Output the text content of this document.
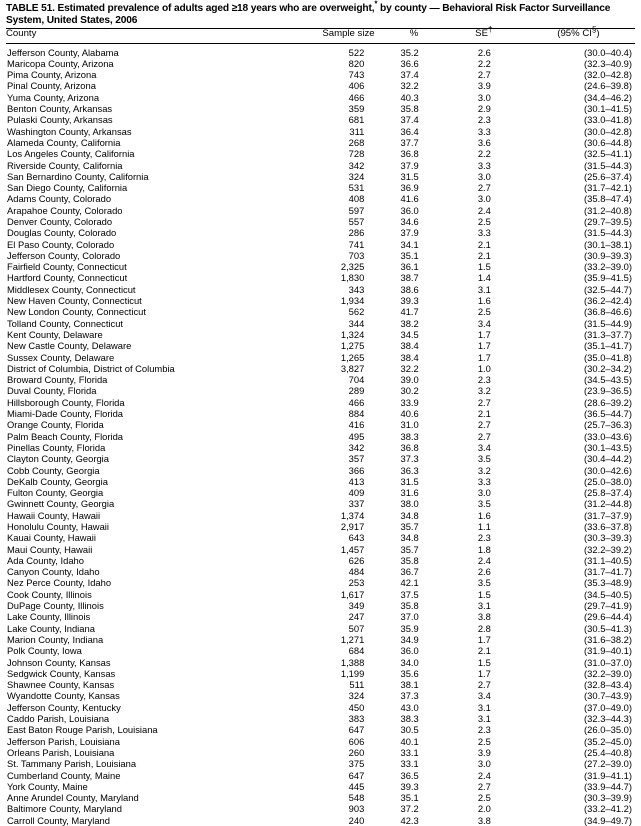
TABLE 51. Estimated prevalence of adults aged ≥18 years who are overweight,* by county — Behavioral Risk Factor Surveillance
System, United States, 2006
County	Sample size	%	SE†	(95% CI§)
Jefferson County, Alabama	522	35.2	2.6	(30.0–40.4)
Maricopa County, Arizona	820	36.6	2.2	(32.3–40.9)
Pima County, Arizona	743	37.4	2.7	(32.0–42.8)
Pinal County, Arizona	406	32.2	3.9	(24.6–39.8)
Yuma County, Arizona	466	40.3	3.0	(34.4–46.2)
Benton County, Arkansas	359	35.8	2.9	(30.1–41.5)
Pulaski County, Arkansas	681	37.4	2.3	(33.0–41.8)
Washington County, Arkansas	311	36.4	3.3	(30.0–42.8)
Alameda County, California	268	37.7	3.6	(30.6–44.8)
Los Angeles County, California	728	36.8	2.2	(32.5–41.1)
Riverside County, California	342	37.9	3.3	(31.5–44.3)
San Bernardino County, California	324	31.5	3.0	(25.6–37.4)
San Diego County, California	531	36.9	2.7	(31.7–42.1)
Adams County, Colorado	408	41.6	3.0	(35.8–47.4)
Arapahoe County, Colorado	597	36.0	2.4	(31.2–40.8)
Denver County, Colorado	557	34.6	2.5	(29.7–39.5)
Douglas County, Colorado	286	37.9	3.3	(31.5–44.3)
El Paso County, Colorado	741	34.1	2.1	(30.1–38.1)
Jefferson County, Colorado	703	35.1	2.1	(30.9–39.3)
Fairfield County, Connecticut	2,325	36.1	1.5	(33.2–39.0)
Hartford County, Connecticut	1,830	38.7	1.4	(35.9–41.5)
Middlesex County, Connecticut	343	38.6	3.1	(32.5–44.7)
New Haven County, Connecticut	1,934	39.3	1.6	(36.2–42.4)
New London County, Connecticut	562	41.7	2.5	(36.8–46.6)
Tolland County, Connecticut	344	38.2	3.4	(31.5–44.9)
Kent County, Delaware	1,324	34.5	1.7	(31.3–37.7)
New Castle County, Delaware	1,275	38.4	1.7	(35.1–41.7)
Sussex County, Delaware	1,265	38.4	1.7	(35.0–41.8)
District of Columbia, District of Columbia	3,827	32.2	1.0	(30.2–34.2)
Broward County, Florida	704	39.0	2.3	(34.5–43.5)
Duval County, Florida	289	30.2	3.2	(23.9–36.5)
Hillsborough County, Florida	466	33.9	2.7	(28.6–39.2)
Miami-Dade County, Florida	884	40.6	2.1	(36.5–44.7)
Orange County, Florida	416	31.0	2.7	(25.7–36.3)
Palm Beach County, Florida	495	38.3	2.7	(33.0–43.6)
Pinellas County, Florida	342	36.8	3.4	(30.1–43.5)
Clayton County, Georgia	357	37.3	3.5	(30.4–44.2)
Cobb County, Georgia	366	36.3	3.2	(30.0–42.6)
DeKalb County, Georgia	413	31.5	3.3	(25.0–38.0)
Fulton County, Georgia	409	31.6	3.0	(25.8–37.4)
Gwinnett County, Georgia	337	38.0	3.5	(31.2–44.8)
Hawaii County, Hawaii	1,374	34.8	1.6	(31.7–37.9)
Honolulu County, Hawaii	2,917	35.7	1.1	(33.6–37.8)
Kauai County, Hawaii	643	34.8	2.3	(30.3–39.3)
Maui County, Hawaii	1,457	35.7	1.8	(32.2–39.2)
Ada County, Idaho	626	35.8	2.4	(31.1–40.5)
Canyon County, Idaho	484	36.7	2.6	(31.7–41.7)
Nez Perce County, Idaho	253	42.1	3.5	(35.3–48.9)
Cook County, Illinois	1,617	37.5	1.5	(34.5–40.5)
DuPage County, Illinois	349	35.8	3.1	(29.7–41.9)
Lake County, Illinois	247	37.0	3.8	(29.6–44.4)
Lake County, Indiana	507	35.9	2.8	(30.5–41.3)
Marion County, Indiana	1,271	34.9	1.7	(31.6–38.2)
Polk County, Iowa	684	36.0	2.1	(31.9–40.1)
Johnson County, Kansas	1,388	34.0	1.5	(31.0–37.0)
Sedgwick County, Kansas	1,199	35.6	1.7	(32.2–39.0)
Shawnee County, Kansas	511	38.1	2.7	(32.8–43.4)
Wyandotte County, Kansas	324	37.3	3.4	(30.7–43.9)
Jefferson County, Kentucky	450	43.0	3.1	(37.0–49.0)
Caddo Parish, Louisiana	383	38.3	3.1	(32.3–44.3)
East Baton Rouge Parish, Louisiana	647	30.5	2.3	(26.0–35.0)
Jefferson Parish, Louisiana	606	40.1	2.5	(35.2–45.0)
Orleans Parish, Louisiana	260	33.1	3.9	(25.4–40.8)
St. Tammany Parish, Louisiana	375	33.1	3.0	(27.2–39.0)
Cumberland County, Maine	647	36.5	2.4	(31.9–41.1)
York County, Maine	445	39.3	2.7	(33.9–44.7)
Anne Arundel County, Maryland	548	35.1	2.5	(30.3–39.9)
Baltimore County, Maryland	903	37.2	2.0	(33.2–41.2)
Carroll County, Maryland	240	42.3	3.8	(34.9–49.7)
